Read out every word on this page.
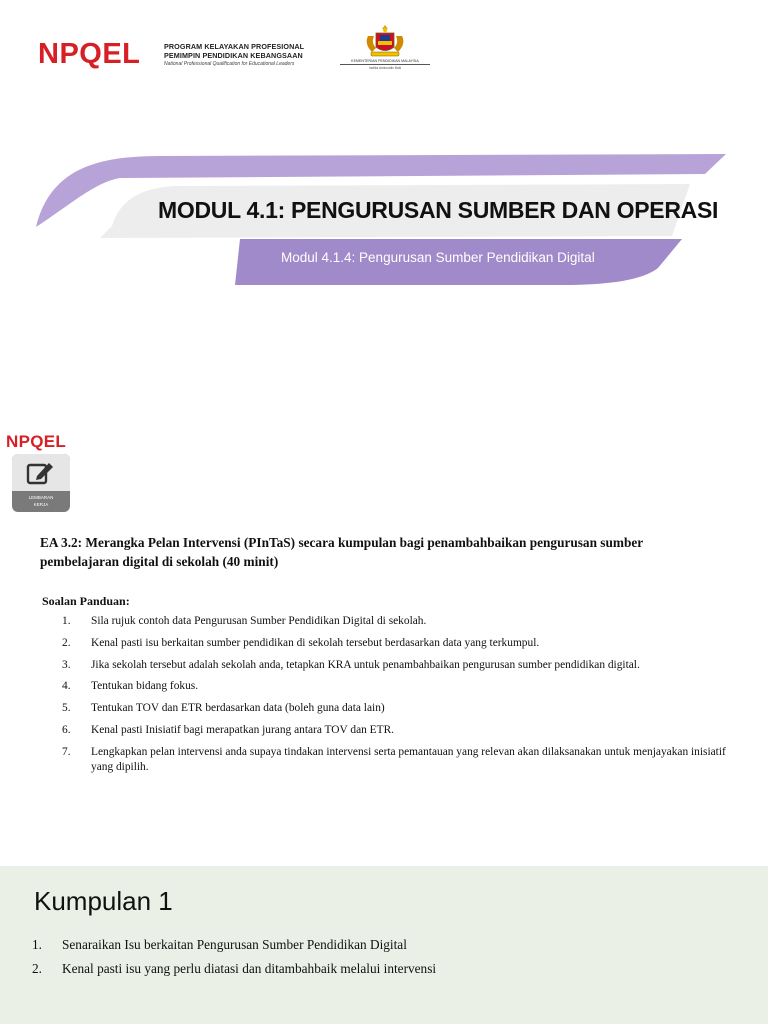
NPQEL	PROGRAM KELAYAKAN PROFESIONAL
PEMIMPIN PENDIDIKAN KEBANGSAAN
National Professional Qualification for Educational Leaders	KEMENTERIAN PENDIDIKAN MALAYSIA
Institut Aminuddin Baki
MODUL 4.1: PENGURUSAN SUMBER DAN OPERASI
Modul 4.1.4: Pengurusan Sumber Pendidikan Digital
NPQEL
LEMBARAN
KERJA
EA 3.2: Merangka Pelan Intervensi (PInTaS) secara kumpulan bagi penambahbaikan pengurusan sumber pembelajaran digital di sekolah (40 minit)
Soalan Panduan:
1. Sila rujuk contoh data Pengurusan Sumber Pendidikan Digital di sekolah.
2. Kenal pasti isu berkaitan sumber pendidikan di sekolah tersebut berdasarkan data yang terkumpul.
3. Jika sekolah tersebut adalah sekolah anda, tetapkan KRA untuk penambahbaikan pengurusan sumber pendidikan digital.
4. Tentukan bidang fokus.
5. Tentukan TOV dan ETR berdasarkan data (boleh guna data lain)
6. Kenal pasti Inisiatif bagi merapatkan jurang antara TOV dan ETR.
7. Lengkapkan pelan intervensi anda supaya tindakan intervensi serta pemantauan yang relevan akan dilaksanakan untuk menjayakan inisiatif yang dipilih.
Kumpulan 1
1. Senaraikan Isu berkaitan Pengurusan Sumber Pendidikan Digital
2. Kenal pasti isu yang perlu diatasi dan ditambahbaik melalui intervensi
